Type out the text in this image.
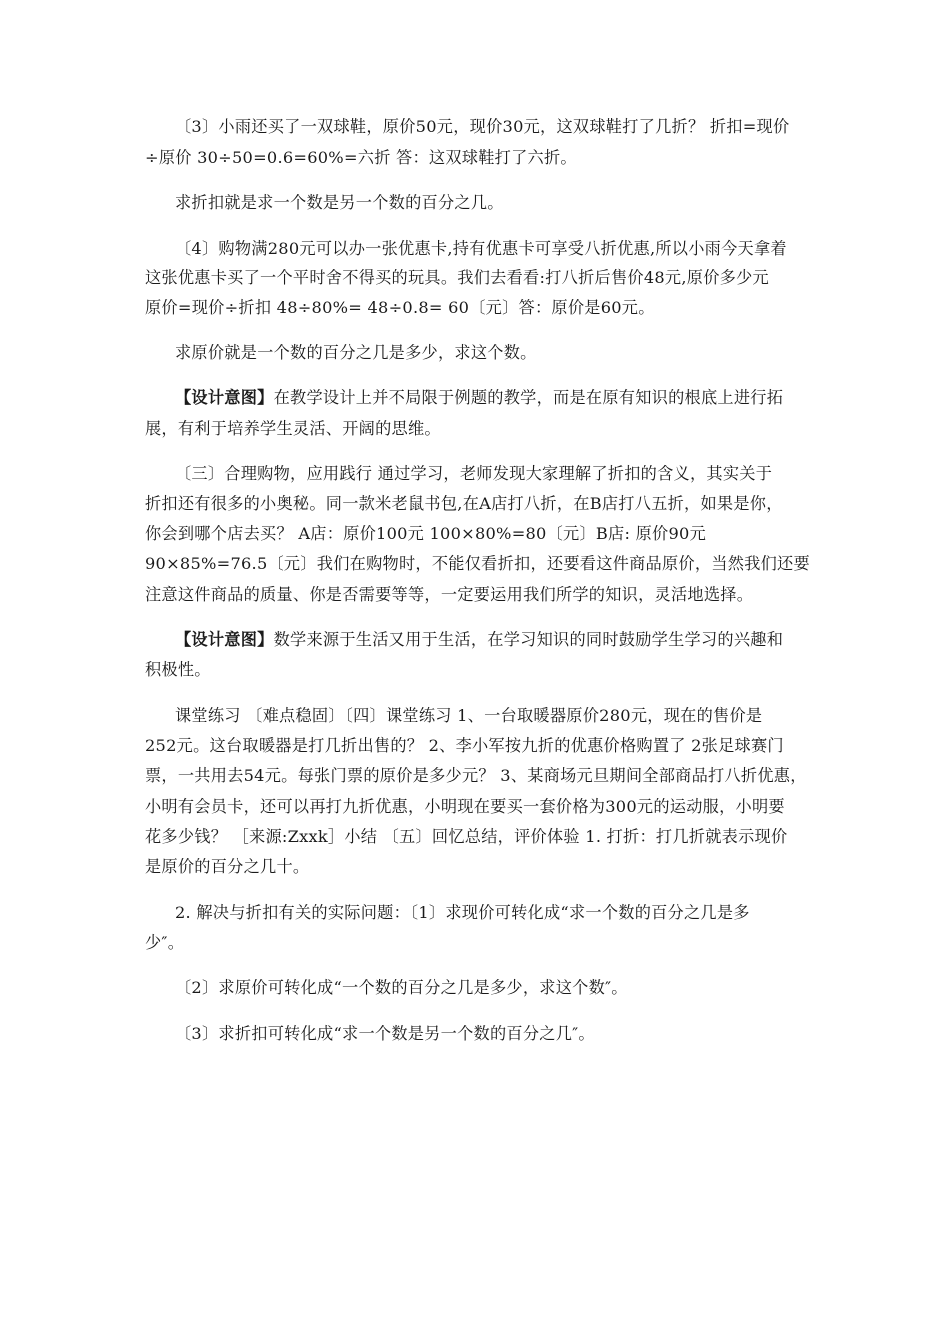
〔3〕小雨还买了一双球鞋，原价50元，现价30元，这双球鞋打了几折？ 折扣=现价
÷原价 30÷50=0.6=60%=六折 答：这双球鞋打了六折。
求折扣就是求一个数是另一个数的百分之几。
〔4〕购物满280元可以办一张优惠卡,持有优惠卡可享受八折优惠,所以小雨今天拿着
这张优惠卡买了一个平时舍不得买的玩具。我们去看看:打八折后售价48元,原价多少元
原价=现价÷折扣 48÷80%= 48÷0.8= 60〔元〕答：原价是60元。
求原价就是一个数的百分之几是多少，求这个数。
【设计意图】在教学设计上并不局限于例题的教学，而是在原有知识的根底上进行拓
展，有利于培养学生灵活、开阔的思维。
〔三〕合理购物，应用践行 通过学习，老师发现大家理解了折扣的含义，其实关于
折扣还有很多的小奥秘。同一款米老鼠书包,在A店打八折，在B店打八五折，如果是你，
你会到哪个店去买？ A店：原价100元 100×80%=80〔元〕B店: 原价90元
90×85%=76.5〔元〕我们在购物时，不能仅看折扣，还要看这件商品原价，当然我们还要
注意这件商品的质量、你是否需要等等，一定要运用我们所学的知识，灵活地选择。
【设计意图】数学来源于生活又用于生活，在学习知识的同时鼓励学生学习的兴趣和
积极性。
课堂练习 〔难点稳固〕〔四〕课堂练习 1、一台取暖器原价280元，现在的售价是
252元。这台取暖器是打几折出售的？ 2、李小军按九折的优惠价格购置了 2张足球赛门
票，一共用去54元。每张门票的原价是多少元？ 3、某商场元旦期间全部商品打八折优惠，
小明有会员卡，还可以再打九折优惠，小明现在要买一套价格为300元的运动服，小明要
花多少钱？ ［来源:Zxxk］小结 〔五〕回忆总结，评价体验 1. 打折：打几折就表示现价
是原价的百分之几十。
2. 解决与折扣有关的实际问题：〔1〕求现价可转化成“求一个数的百分之几是多
少″。
〔2〕求原价可转化成“一个数的百分之几是多少，求这个数″。
〔3〕求折扣可转化成“求一个数是另一个数的百分之几″。
